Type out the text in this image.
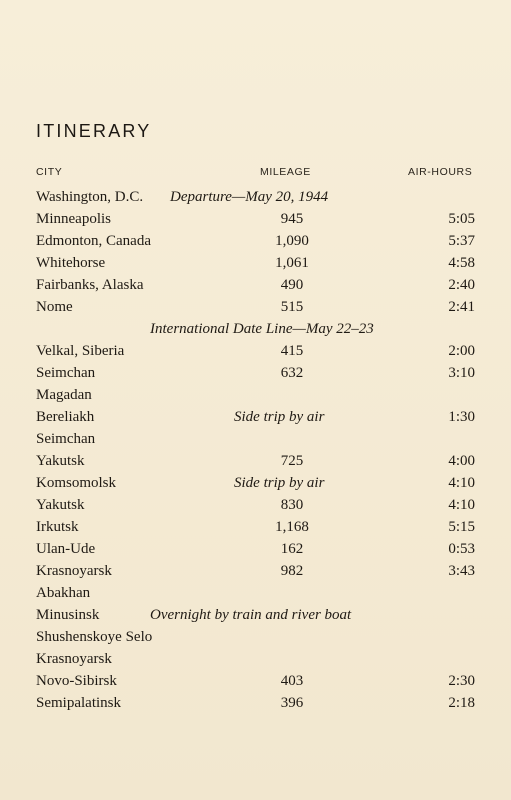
ITINERARY
CITY	MILEAGE	AIR-HOURS
Washington, D.C. Departure—May 20, 1944
Minneapolis	945	5:05
Edmonton, Canada	1,090	5:37
Whitehorse	1,061	4:58
Fairbanks, Alaska	490	2:40
Nome	515	2:41
International Date Line—May 22–23
Velkal, Siberia	415	2:00
Seimchan	632	3:10
Magadan
Bereliakh	Side trip by air	1:30
Seimchan
Yakutsk	725	4:00
Komsomolsk	Side trip by air	4:10
Yakutsk	830	4:10
Irkutsk	1,168	5:15
Ulan-Ude	162	0:53
Krasnoyarsk	982	3:43
Abakhan
Minusinsk	Overnight by train and river boat
Shushenskoye Selo
Krasnoyarsk
Novo-Sibirsk	403	2:30
Semipalatinsk	396	2:18
